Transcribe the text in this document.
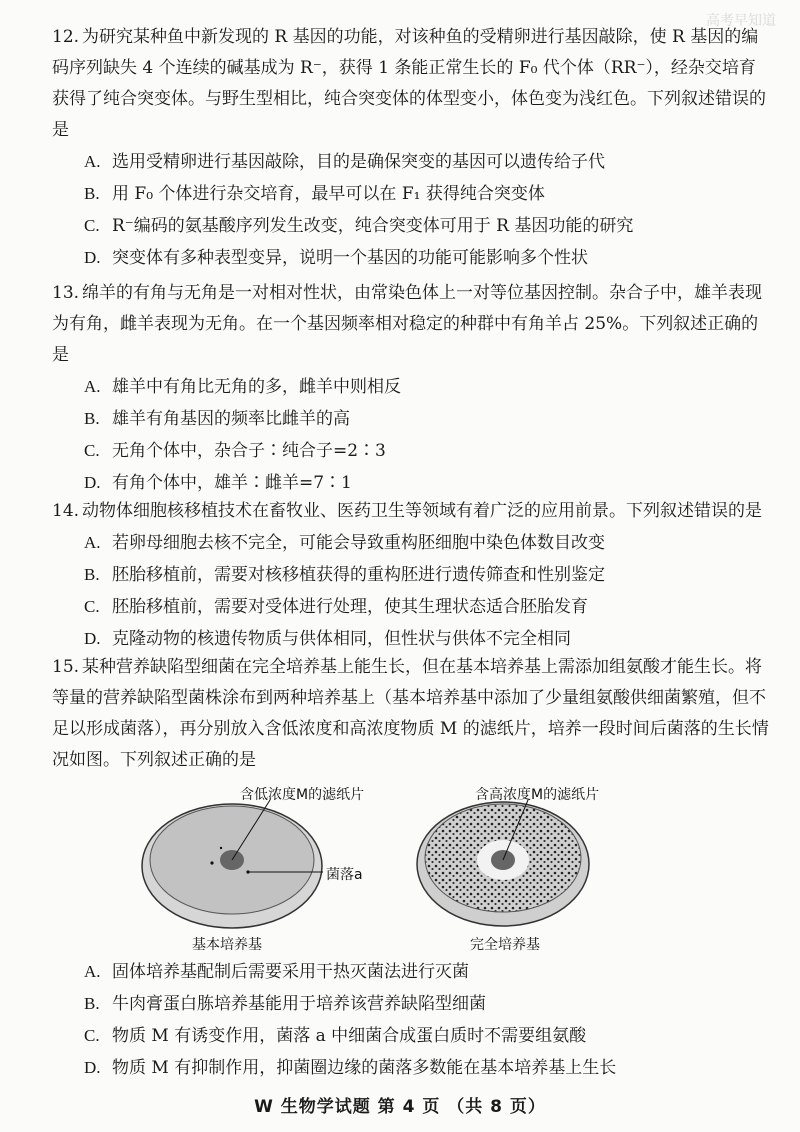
高考早知道

12. 为研究某种鱼中新发现的 R 基因的功能，对该种鱼的受精卵进行基因敲除，使 R 基因的编码序列缺失 4 个连续的碱基成为 R⁻，获得 1 条能正常生长的 F₀ 代个体（RR⁻），经杂交培育获得了纯合突变体。与野生型相比，纯合突变体的体型变小，体色变为浅红色。下列叙述错误的是

A. 选用受精卵进行基因敲除，目的是确保突变的基因可以遗传给子代
B. 用 F₀ 个体进行杂交培育，最早可以在 F₁ 获得纯合突变体
C. R⁻编码的氨基酸序列发生改变，纯合突变体可用于 R 基因功能的研究
D. 突变体有多种表型变异，说明一个基因的功能可能影响多个性状

13. 绵羊的有角与无角是一对相对性状，由常染色体上一对等位基因控制。杂合子中，雄羊表现为有角，雌羊表现为无角。在一个基因频率相对稳定的种群中有角羊占 25%。下列叙述正确的是

A. 雄羊中有角比无角的多，雌羊中则相反
B. 雄羊有角基因的频率比雌羊的高
C. 无角个体中，杂合子∶纯合子=2∶3
D. 有角个体中，雄羊∶雌羊=7∶1

14. 动物体细胞核移植技术在畜牧业、医药卫生等领域有着广泛的应用前景。下列叙述错误的是

A. 若卵母细胞去核不完全，可能会导致重构胚细胞中染色体数目改变
B. 胚胎移植前，需要对核移植获得的重构胚进行遗传筛查和性别鉴定
C. 胚胎移植前，需要对受体进行处理，使其生理状态适合胚胎发育
D. 克隆动物的核遗传物质与供体相同，但性状与供体不完全相同

15. 某种营养缺陷型细菌在完全培养基上能生长，但在基本培养基上需添加组氨酸才能生长。将等量的营养缺陷型菌株涂布到两种培养基上（基本培养基中添加了少量组氨酸供细菌繁殖，但不足以形成菌落），再分别放入含低浓度和高浓度物质 M 的滤纸片，培养一段时间后菌落的生长情况如图。下列叙述正确的是

含低浓度M的滤纸片	含高浓度M的滤纸片
菌落a
基本培养基	完全培养基
A. 固体培养基配制后需要采用干热灭菌法进行灭菌
B. 牛肉膏蛋白胨培养基能用于培养该营养缺陷型细菌
C. 物质 M 有诱变作用，菌落 a 中细菌合成蛋白质时不需要组氨酸
D. 物质 M 有抑制作用，抑菌圈边缘的菌落多数能在基本培养基上生长
W 生物学试题 第 4 页 （共 8 页）
